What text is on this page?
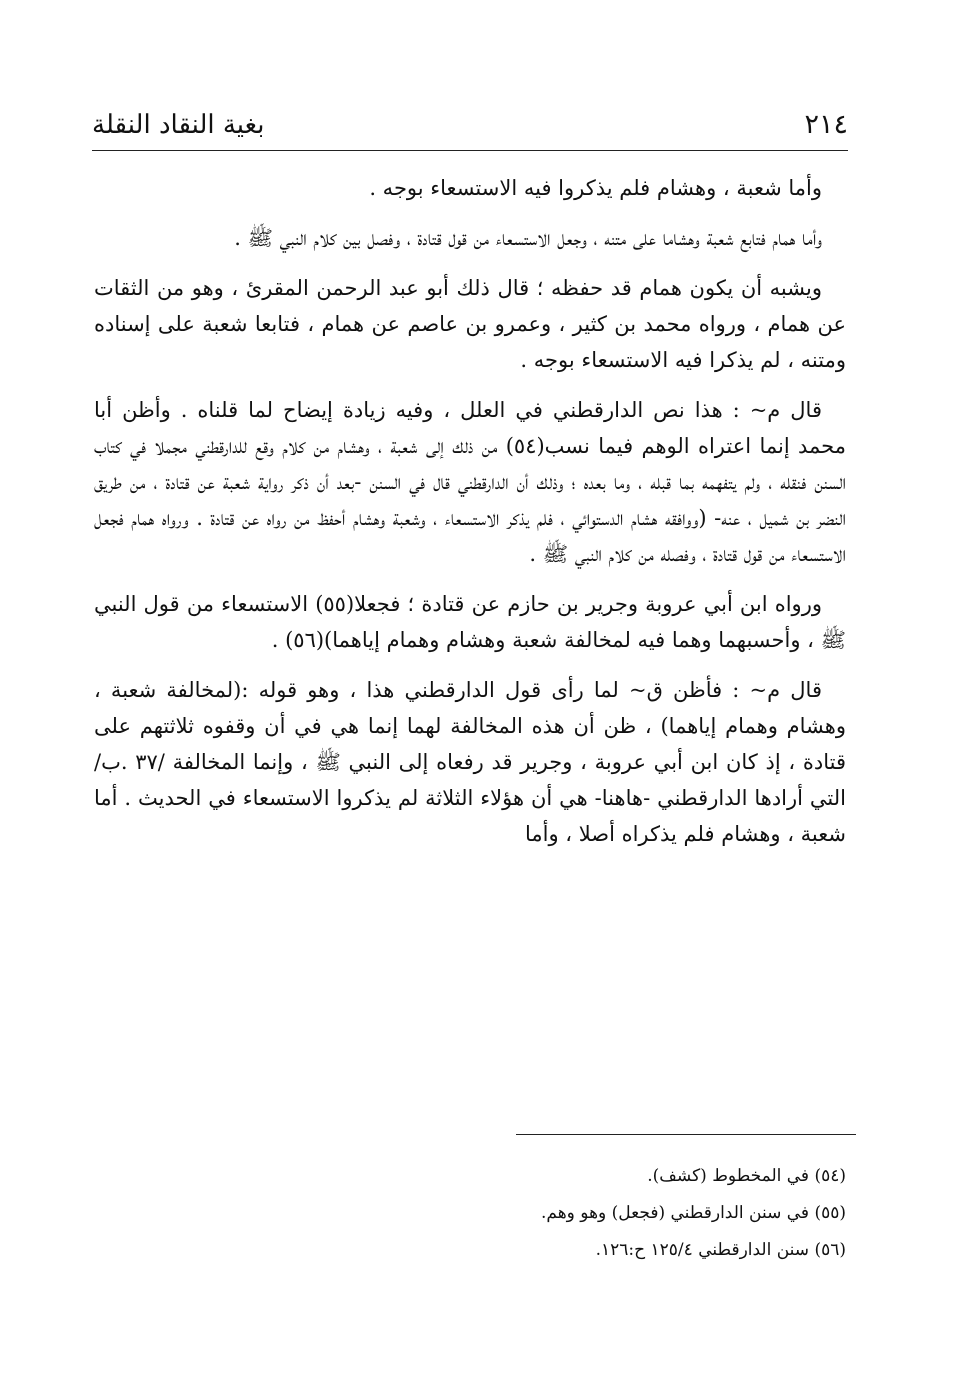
٢١٤
بغية النقاد النقلة

وأما شعبة ، وهشام فلم يذكروا فيه الاستسعاء بوجه .

وأما همام فتابع شعبة وهشاما على متنه ، وجعل الاستسعاء من قول قتادة ، وفصل بين كلام النبي ﷺ .

ويشبه أن يكون همام قد حفظه ؛ قال ذلك أبو عبد الرحمن المقرئ ، وهو من الثقات عن همام ، ورواه محمد بن كثير ، وعمرو بن عاصم عن همام ، فتابعا شعبة على إسناده ومتنه ، لم يذكرا فيه الاستسعاء بوجه .

قال م~ : هذا نص الدارقطني في العلل ، وفيه زيادة إيضاح لما قلناه . وأظن أبا محمد إنما اعتراه الوهم فيما نسب(٥٤) من ذلك إلى شعبة ، وهشام من كلام وقع للدارقطني مجملا في كتاب السنن فنقله ، ولم يتفهمه بما قبله ، وما بعده ؛ وذلك أن الدارقطني قال في السنن -بعد أن ذكر رواية شعبة عن قتادة ، من طريق النضر بن شميل ، عنه- (ووافقه هشام الدستوائي ، فلم يذكر الاستسعاء ، وشعبة وهشام أحفظ من رواه عن قتادة . ورواه همام فجعل الاستسعاء من قول قتادة ، وفصله من كلام النبي ﷺ .

ورواه ابن أبي عروبة وجرير بن حازم عن قتادة ؛ فجعلا(٥٥) الاستسعاء من قول النبي ﷺ ، وأحسبهما وهما فيه لمخالفة شعبة وهشام وهمام إياهما)(٥٦) .

قال م~ : فأظن ق~ لما رأى قول الدارقطني هذا ، وهو قوله :(لمخالفة شعبة ، وهشام وهمام إياهما) ، ظن أن هذه المخالفة لهما إنما هي في أن وقفوه ثلاثتهم على قتادة ، إذ كان ابن أبي عروبة ، وجرير قد رفعاه إلى النبي ﷺ ، وإنما المخالفة /٣٧ .ب/ التي أرادها الدارقطني -هاهنا- هي أن هؤلاء الثلاثة لم يذكروا الاستسعاء في الحديث . أما شعبة ، وهشام فلم يذكراه أصلا ، وأما

(٥٤) في المخطوط (كشف).

(٥٥) في سنن الدارقطني (فجعل) وهو وهم.

(٥٦) سنن الدارقطني ١٢٥/٤ ح:١٢٦.
